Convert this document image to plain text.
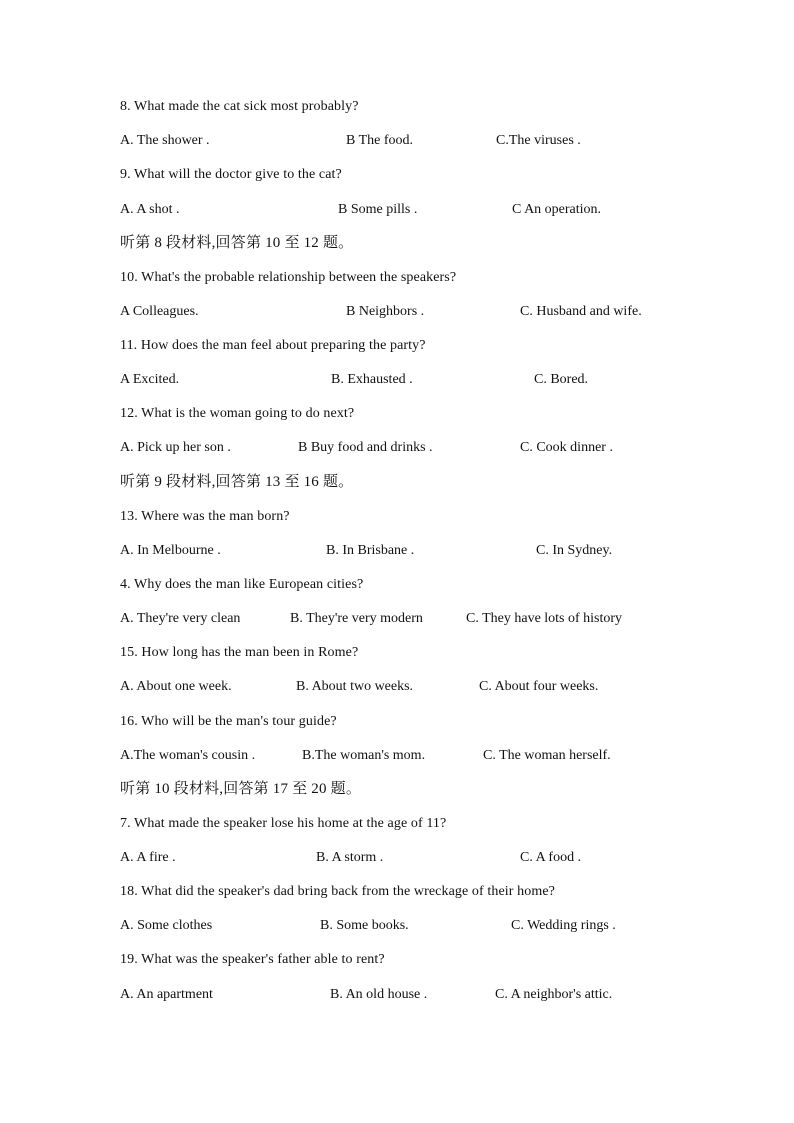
8. What made the cat sick most probably?
A. The shower .	B The food.	C.The viruses .
9. What will the doctor give to the cat?
A. A shot .	B Some pills .	C An operation.
听第 8 段材料,回答第 10 至 12 题。
10. What's the probable relationship between the speakers?
A Colleagues.	B Neighbors .	C. Husband and wife.
11. How does the man feel about preparing the party?
A Excited.	B. Exhausted .	C. Bored.
12. What is the woman going to do next?
A. Pick up her son .	B Buy food and drinks .	C. Cook dinner .
听第 9 段材料,回答第 13 至 16 题。
13. Where was the man born?
A. In Melbourne .	B. In Brisbane .	C. In Sydney.
4. Why does the man like European cities?
A. They're very clean	B. They're very modern	C. They have lots of history
15. How long has the man been in Rome?
A. About one week.	B. About two weeks.	C. About four weeks.
16. Who will be the man's tour guide?
A.The woman's cousin .	B.The woman's mom.	C. The woman herself.
听第 10 段材料,回答第 17 至 20 题。
7. What made the speaker lose his home at the age of 11?
A. A fire .	B. A storm .	C. A food .
18. What did the speaker's dad bring back from the wreckage of their home?
A. Some clothes	B. Some books.	C. Wedding rings .
19. What was the speaker's father able to rent?
A. An apartment	B. An old house .	C. A neighbor's attic.
